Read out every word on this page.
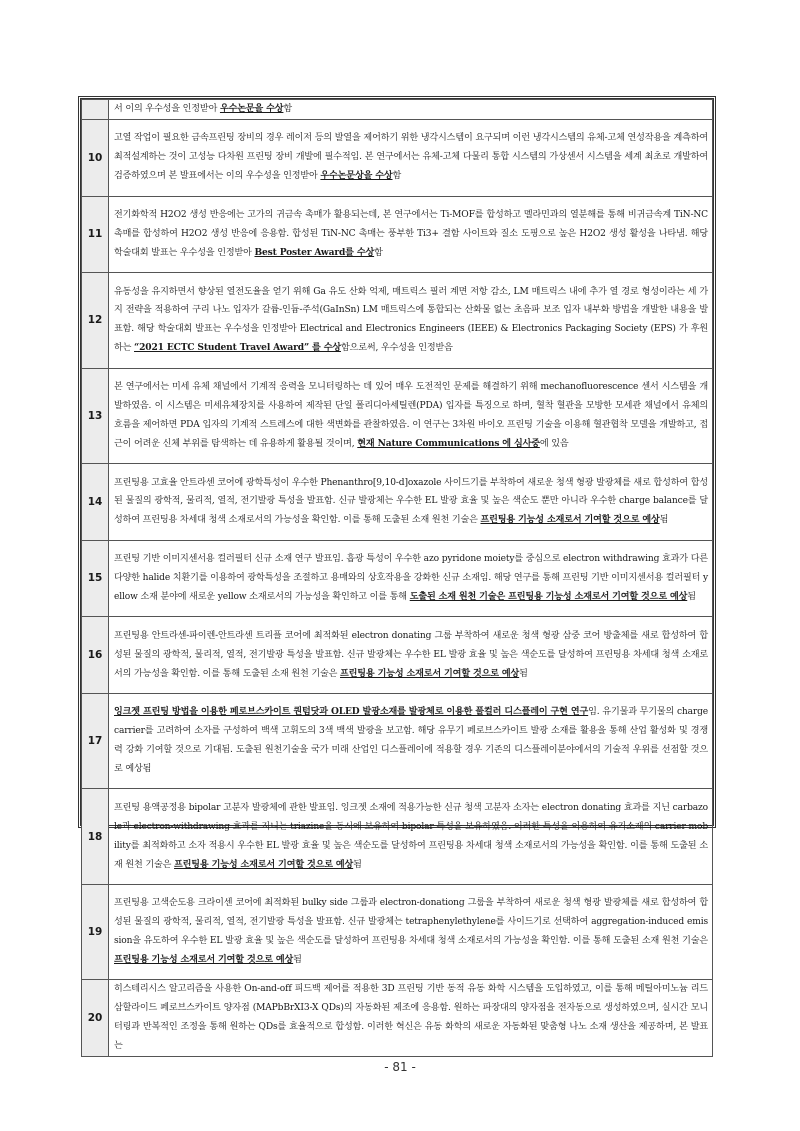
	서 이의 우수성을 인정받아 우수논문을 수상함
10	고열 작업이 필요한 금속프린팅 장비의 경우 레이저 등의 발열을 제어하기 위한 냉각시스템이 요구되며 이런 냉각시스템의 유체-고체 연성작용을 계측하여 최적설계하는 것이 고성능 다차원 프린팅 장비 개발에 필수적임. 본 연구에서는 유체-고체 다물리 통합 시스템의 가상센서 시스템을 세계 최초로 개발하여 검증하였으며 본 발표에서는 이의 우수성을 인정받아 우수논문상을 수상함
11	전기화학적 H2O2 생성 반응에는 고가의 귀금속 촉매가 활용되는데, 본 연구에서는 Ti-MOF를 합성하고 멜라민과의 열분해를 통해 비귀금속계 TiN-NC 촉매를 합성하여 H2O2 생성 반응에 응용함. 합성된 TiN-NC 촉매는 풍부한 Ti3+ 결함 사이트와 질소 도핑으로 높은 H2O2 생성 활성을 나타냄. 해당 학술대회 발표는 우수성을 인정받아 Best Poster Award를 수상함
12	유동성을 유지하면서 향상된 열전도율을 얻기 위해 Ga 유도 산화 억제, 매트릭스 필러 계면 저항 감소, LM 매트릭스 내에 추가 열 경로 형성이라는 세 가지 전략을 적용하여 구리 나노 입자가 갈륨-인듐-주석(GaInSn) LM 매트릭스에 통합되는 산화물 없는 초음파 보조 입자 내부화 방법을 개발한 내용을 발표함. 해당 학술대회 발표는 우수성을 인정받아 Electrical and Electronics Engineers (IEEE) & Electronics Packaging Society (EPS) 가 후원하는 “2021 ECTC Student Travel Award” 를 수상함으로써, 우수성을 인정받음
13	본 연구에서는 미세 유체 채널에서 기계적 응력을 모니터링하는 데 있어 매우 도전적인 문제를 해결하기 위해 mechanofluorescence 센서 시스템을 개발하였음. 이 시스템은 미세유체장치를 사용하여 제작된 단일 폴리디아세틸렌(PDA) 입자를 특징으로 하며, 혈착 혈관을 모방한 모세관 채널에서 유체의 흐름을 제어하면 PDA 입자의 기계적 스트레스에 대한 색변화를 관찰하였음. 이 연구는 3차원 바이오 프린팅 기술을 이용해 혈관협착 모델을 개발하고, 접근이 어려운 신체 부위를 탐색하는 데 유용하게 활용될 것이며, 현재 Nature Communications 에 심사중에 있음
14	프린팅용 고효율 안트라센 코어에 광학특성이 우수한 Phenanthro[9,10-d]oxazole 사이드기를 부착하여 새로운 청색 형광 발광체를 새로 합성하여 합성된 물질의 광학적, 물리적, 열적, 전기발광 특성을 발표함. 신규 발광체는 우수한 EL 발광 효율 및 높은 색순도 뿐만 아니라 우수한 charge balance를 달성하여 프린팅용 차세대 청색 소재로서의 가능성을 확인함. 이를 통해 도출된 소재 원천 기술은 프린팅용 기능성 소재로서 기여할 것으로 예상됨
15	프린팅 기반 이미지센서용 컬러필터 신규 소재 연구 발표임. 흡광 특성이 우수한 azo pyridone moiety를 중심으로 electron withdrawing 효과가 다른 다양한 halide 치환기를 이용하여 광학특성을 조절하고 용매와의 상호작용을 강화한 신규 소재임. 해당 연구를 통해 프린팅 기반 이미지센서용 컬러필터 yellow 소재 분야에 새로운 yellow 소재로서의 가능성을 확인하고 이를 통해 도출된 소재 원천 기술은 프린팅용 기능성 소재로서 기여할 것으로 예상됨
16	프린팅용 안트라센-파이렌-안트라센 트리플 코어에 최적화된 electron donating 그룹 부착하여 새로운 청색 형광 삼중 코어 방출체를 새로 합성하여 합성된 물질의 광학적, 물리적, 열적, 전기발광 특성을 발표함. 신규 발광체는 우수한 EL 발광 효율 및 높은 색순도를 달성하여 프린팅용 차세대 청색 소재로서의 가능성을 확인함. 이를 통해 도출된 소재 원천 기술은 프린팅용 기능성 소재로서 기여할 것으로 예상됨
17	잉크젯 프린팅 방법을 이용한 페로브스카이트 퀀텀닷과 OLED 발광소재를 발광체로 이용한 풀컬러 디스플레이 구현 연구임. 유기물과 무기물의 charge carrier를 고려하여 소자를 구성하여 백색 고휘도의 3색 백색 발광을 보고함. 해당 유무기 페로브스카이트 발광 소재를 활용을 통해 산업 활성화 및 경쟁력 강화 기여할 것으로 기대됨. 도출된 원천기술을 국가 미래 산업인 디스플레이에 적용할 경우 기존의 디스플레이분야에서의 기술적 우위를 선점할 것으로 예상됨
18	프린팅 용액공정용 bipolar 고분자 발광체에 관한 발표임. 잉크젯 소재에 적용가능한 신규 청색 고분자 소자는 electron donating 효과를 지닌 carbazole과 electron-withdrawing 효과를 지니는 triazine을 동시에 보유하여 bipolar 특성을 보유하였음. 이러한 특성을 이용하여 유기소재의 carrier mobility를 최적화하고 소자 적용시 우수한 EL 발광 효율 및 높은 색순도를 달성하여 프린팅용 차세대 청색 소재로서의 가능성을 확인함. 이를 통해 도출된 소재 원천 기술은 프린팅용 기능성 소재로서 기여할 것으로 예상됨
19	프린팅용 고색순도용 크라이센 코어에 최적화된 bulky side 그룹과 electron-donationg 그룹을 부착하여 새로운 청색 형광 발광체를 새로 합성하여 합성된 물질의 광학적, 물리적, 열적, 전기발광 특성을 발표함. 신규 발광체는 tetraphenylethylene를 사이드기로 선택하여 aggregation-induced emission을 유도하여 우수한 EL 발광 효율 및 높은 색순도를 달성하여 프린팅용 차세대 청색 소재로서의 가능성을 확인함. 이를 통해 도출된 소재 원천 기술은 프린팅용 기능성 소재로서 기여할 것으로 예상됨
20	히스테리시스 알고리즘을 사용한 On-and-off 피드백 제어를 적용한 3D 프린팅 기반 동적 유동 화학 시스템을 도입하였고, 이를 통해 메틸아미노늄 리드 삼할라이드 페로브스카이트 양자점 (MAPbBrXI3-X QDs)의 자동화된 제조에 응용함. 원하는 파장대의 양자점을 전자동으로 생성하였으며, 실시간 모니터링과 반복적인 조정을 통해 원하는 QDs를 효율적으로 합성함. 이러한 혁신은 유동 화학의 새로운 자동화된 맞춤형 나노 소재 생산을 제공하며, 본 발표는
- 81 -
